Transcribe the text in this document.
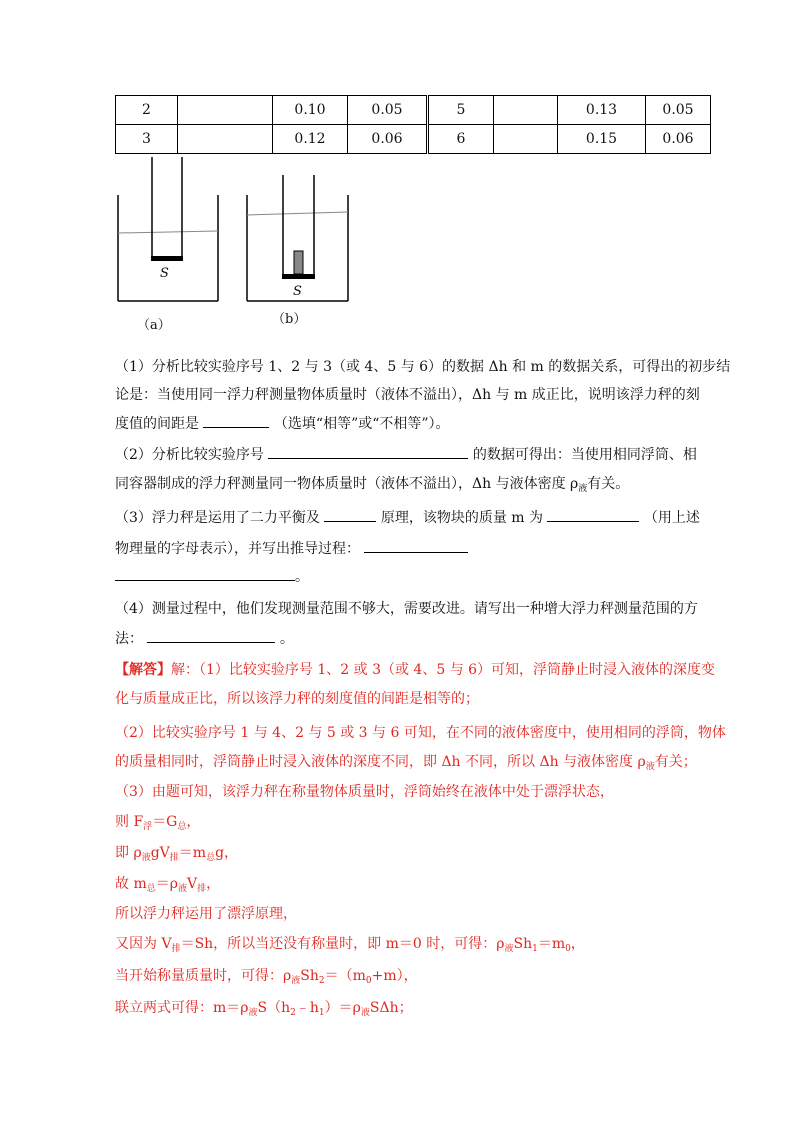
2		0.10	0.05	5		0.13	0.05
3		0.12	0.06	6		0.15	0.06
S
S
（a）	（b）
（1）分析比较实验序号 1、2 与 3（或 4、5 与 6）的数据 Δh 和 m 的数据关系，可得出的初步结
论是：当使用同一浮力秤测量物体质量时（液体不溢出），Δh 与 m 成正比，说明该浮力秤的刻
度值的间距是	（选填“相等”或“不相等”）。
（2）分析比较实验序号	的数据可得出：当使用相同浮筒、相
同容器制成的浮力秤测量同一物体质量时（液体不溢出），Δh 与液体密度 $\rho_液$有关。
（3）浮力秤是运用了二力平衡及	原理，该物块的质量 m 为	（用上述
物理量的字母表示），并写出推导过程：
。
（4）测量过程中，他们发现测量范围不够大，需要改进。请写出一种增大浮力秤测量范围的方
法：	。
【解答】解：（1）比较实验序号 1、2 或 3（或 4、5 与 6）可知，浮筒静止时浸入液体的深度变
化与质量成正比，所以该浮力秤的刻度值的间距是相等的；
（2）比较实验序号 1 与 4、2 与 5 或 3 与 6 可知，在不同的液体密度中，使用相同的浮筒，物体
的质量相同时，浮筒静止时浸入液体的深度不同，即 Δh 不同，所以 Δh 与液体密度 $\rho_液$有关；
（3）由题可知，该浮力秤在称量物体质量时，浮筒始终在液体中处于漂浮状态，
则 $F_浮=G_总$，
即 $\rho_液gV_排=m_总g$，
故 $m_总=\rho_液V_排$，
所以浮力秤运用了漂浮原理，
又因为 $V_排=Sh$，所以当还没有称量时，即 m＝0 时，可得：$\rho_液Sh_1=m_0$，
当开始称量质量时，可得：$\rho_液Sh_2=(m_0+m)$，
联立两式可得：$m=\rho_液S(h_2﹣h_1)=\rho_液S\Delta h$；
